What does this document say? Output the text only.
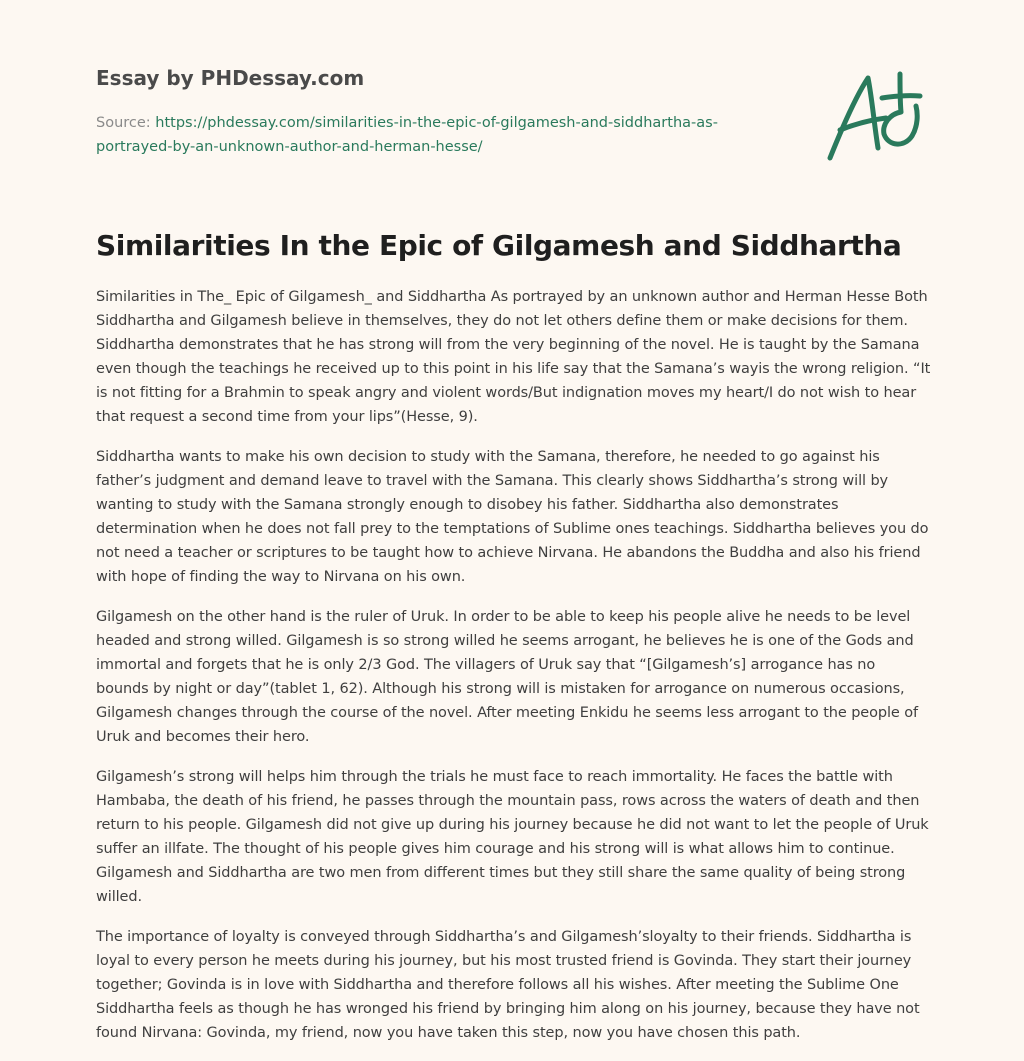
Essay by PHDessay.com
Source: https://phdessay.com/similarities-in-the-epic-of-gilgamesh-and-siddhartha-as-portrayed-by-an-unknown-author-and-herman-hesse/
Similarities In the Epic of Gilgamesh and Siddhartha

Similarities in The_ Epic of Gilgamesh_ and Siddhartha As portrayed by an unknown author and Herman Hesse Both Siddhartha and Gilgamesh believe in themselves, they do not let others define them or make decisions for them. Siddhartha demonstrates that he has strong will from the very beginning of the novel. He is taught by the Samana even though the teachings he received up to this point in his life say that the Samana’s wayis the wrong religion. “It is not fitting for a Brahmin to speak angry and violent words/But indignation moves my heart/I do not wish to hear that request a second time from your lips”(Hesse, 9).

Siddhartha wants to make his own decision to study with the Samana, therefore, he needed to go against his father’s judgment and demand leave to travel with the Samana. This clearly shows Siddhartha’s strong will by wanting to study with the Samana strongly enough to disobey his father. Siddhartha also demonstrates determination when he does not fall prey to the temptations of Sublime ones teachings. Siddhartha believes you do not need a teacher or scriptures to be taught how to achieve Nirvana. He abandons the Buddha and also his friend with hope of finding the way to Nirvana on his own.

Gilgamesh on the other hand is the ruler of Uruk. In order to be able to keep his people alive he needs to be level headed and strong willed. Gilgamesh is so strong willed he seems arrogant, he believes he is one of the Gods and immortal and forgets that he is only 2/3 God. The villagers of Uruk say that “[Gilgamesh’s] arrogance has no bounds by night or day”(tablet 1, 62). Although his strong will is mistaken for arrogance on numerous occasions, Gilgamesh changes through the course of the novel. After meeting Enkidu he seems less arrogant to the people of Uruk and becomes their hero.

Gilgamesh’s strong will helps him through the trials he must face to reach immortality. He faces the battle with Hambaba, the death of his friend, he passes through the mountain pass, rows across the waters of death and then return to his people. Gilgamesh did not give up during his journey because he did not want to let the people of Uruk suffer an illfate. The thought of his people gives him courage and his strong will is what allows him to continue. Gilgamesh and Siddhartha are two men from different times but they still share the same quality of being strong willed.

The importance of loyalty is conveyed through Siddhartha’s and Gilgamesh’sloyalty to their friends. Siddhartha is loyal to every person he meets during his journey, but his most trusted friend is Govinda. They start their journey together; Govinda is in love with Siddhartha and therefore follows all his wishes. After meeting the Sublime One Siddhartha feels as though he has wronged his friend by bringing him along on his journey, because they have not found Nirvana: Govinda, my friend, now you have taken this step, now you have chosen this path.
